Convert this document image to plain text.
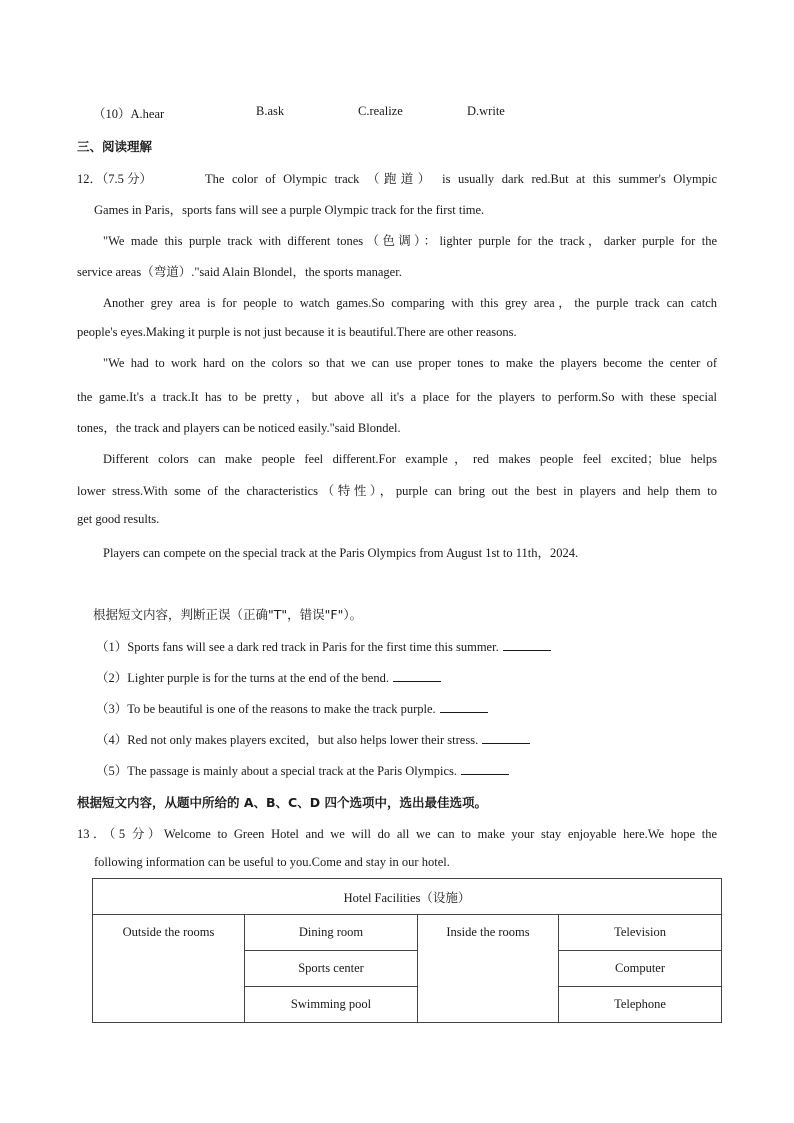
（10）A.hear	B.ask	C.realize	D.write
三、阅读理解
12．（7.5 分）	The color of Olympic track （跑道） is usually dark red.But at this summer's Olympic
Games in Paris，sports fans will see a purple Olympic track for the first time.
"We made this purple track with different tones（色调）：lighter purple for the track，darker purple for the
service areas（弯道）."said Alain Blondel，the sports manager.
Another grey area is for people to watch games.So comparing with this grey area，the purple track can catch
people's eyes.Making it purple is not just because it is beautiful.There are other reasons.
"We had to work hard on the colors so that we can use proper tones to make the players become the center of
the game.It's a track.It has to be pretty，but above all it's a place for the players to perform.So with these special
tones，the track and players can be noticed easily."said Blondel.
Different colors can make people feel different.For example，red makes people feel excited；blue helps
lower stress.With some of the characteristics（特性），purple can bring out the best in players and help them to
get good results.
Players can compete on the special track at the Paris Olympics from August 1st to 11th，2024.
根据短文内容，判断正误（正确"T"，错误"F"）。
（1）Sports fans will see a dark red track in Paris for the first time this summer.
（2）Lighter purple is for the turns at the end of the bend.
（3）To be beautiful is one of the reasons to make the track purple.
（4）Red not only makes players excited，but also helps lower their stress.
（5）The passage is mainly about a special track at the Paris Olympics.
根据短文内容，从题中所给的 A、B、C、D 四个选项中，选出最佳选项。
13．（5 分）Welcome to Green Hotel and we will do all we can to make your stay enjoyable here.We hope the
following information can be useful to you.Come and stay in our hotel.
Hotel Facilities（设施）			
Outside the rooms	Dining room	Inside the rooms	Television
	Sports center		Computer
	Swimming pool		Telephone
